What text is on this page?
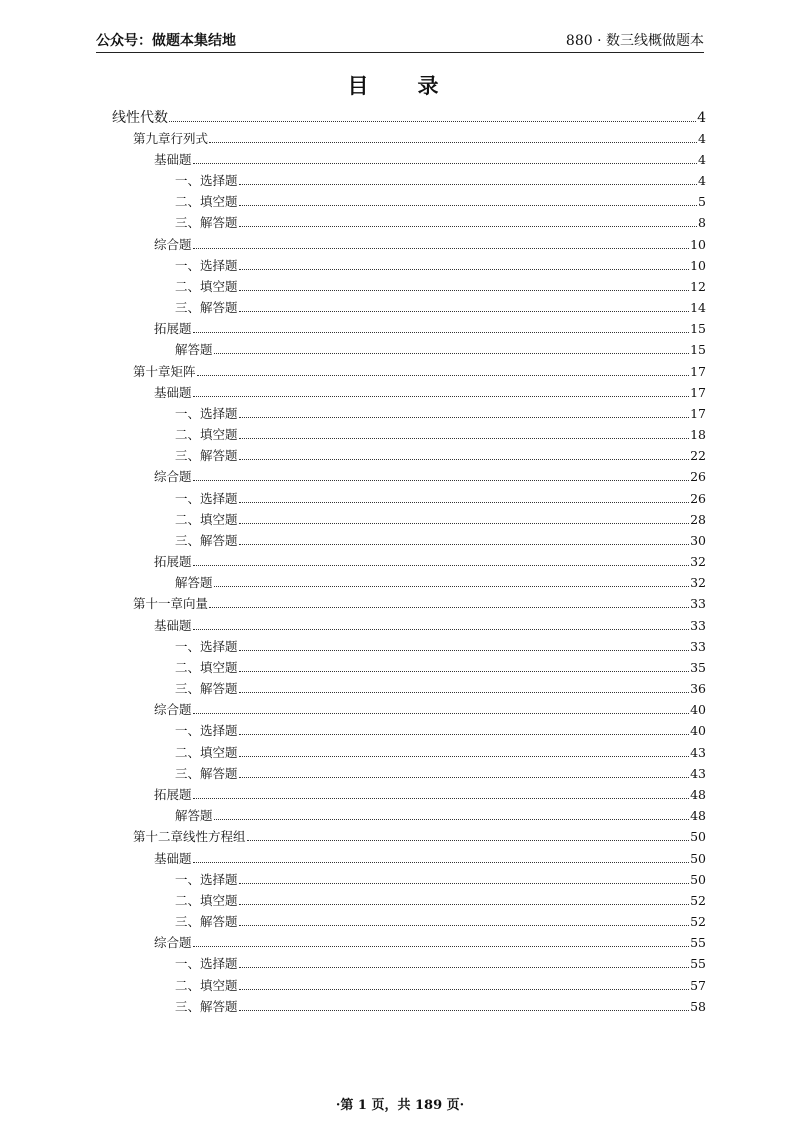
公众号：做题本集结地	880 · 数三线概做题本
目　录
线性代数	4
第九章行列式	4
基础题	4
一、选择题	4
二、填空题	5
三、解答题	8
综合题	10
一、选择题	10
二、填空题	12
三、解答题	14
拓展题	15
解答题	15
第十章矩阵	17
基础题	17
一、选择题	17
二、填空题	18
三、解答题	22
综合题	26
一、选择题	26
二、填空题	28
三、解答题	30
拓展题	32
解答题	32
第十一章向量	33
基础题	33
一、选择题	33
二、填空题	35
三、解答题	36
综合题	40
一、选择题	40
二、填空题	43
三、解答题	43
拓展题	48
解答题	48
第十二章线性方程组	50
基础题	50
一、选择题	50
二、填空题	52
三、解答题	52
综合题	55
一、选择题	55
二、填空题	57
三、解答题	58
·第 1 页，共 189 页·
